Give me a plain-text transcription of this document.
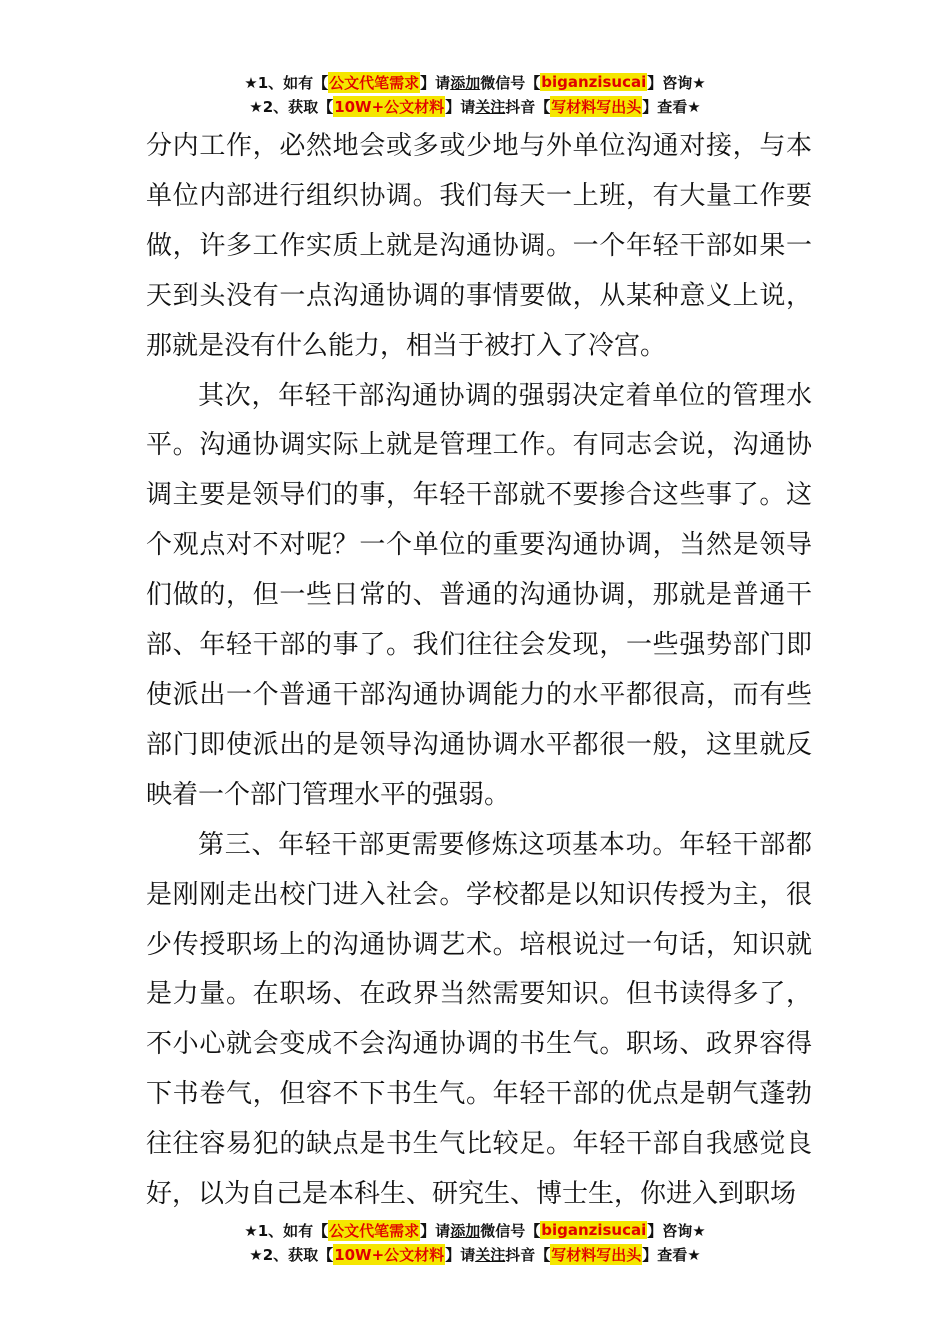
★1、如有【 公文代笔需求 】请 添加 微信号【 biganzisucai 】咨询★
★2、获取【 10W+公文材料 】请 关注 抖音【 写材料写出头 】查看★

分内工作，必然地会或多或少地与外单位沟通对接，与本单位内部进行组织协调。我们每天一上班，有大量工作要做，许多工作实质上就是沟通协调。一个年轻干部如果一天到头没有一点沟通协调的事情要做，从某种意义上说，那就是没有什么能力，相当于被打入了冷宫。

其次，年轻干部沟通协调的强弱决定着单位的管理水平。沟通协调实际上就是管理工作。有同志会说，沟通协调主要是领导们的事，年轻干部就不要掺合这些事了。这个观点对不对呢？一个单位的重要沟通协调，当然是领导们做的，但一些日常的、普通的沟通协调，那就是普通干部、年轻干部的事了。我们往往会发现，一些强势部门即使派出一个普通干部沟通协调能力的水平都很高，而有些部门即使派出的是领导沟通协调水平都很一般，这里就反映着一个部门管理水平的强弱。

第三、年轻干部更需要修炼这项基本功。年轻干部都是刚刚走出校门进入社会。学校都是以知识传授为主，很少传授职场上的沟通协调艺术。培根说过一句话，知识就是力量。在职场、在政界当然需要知识。但书读得多了，不小心就会变成不会沟通协调的书生气。职场、政界容得下书卷气，但容不下书生气。年轻干部的优点是朝气蓬勃往往容易犯的缺点是书生气比较足。年轻干部自我感觉良好，以为自己是本科生、研究生、博士生，你进入到职场

★1、如有【 公文代笔需求 】请 添加 微信号【 biganzisucai 】咨询★
★2、获取【 10W+公文材料 】请 关注 抖音【 写材料写出头 】查看★
